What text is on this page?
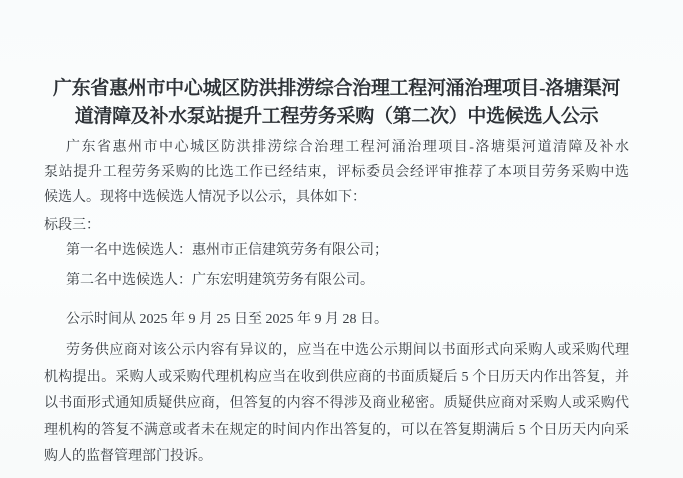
广东省惠州市中心城区防洪排涝综合治理工程河涌治理项目-洛塘渠河
道清障及补水泵站提升工程劳务采购（第二次）中选候选人公示
广东省惠州市中心城区防洪排涝综合治理工程河涌治理项目-洛塘渠河道清障及补水
泵站提升工程劳务采购的比选工作已经结束，评标委员会经评审推荐了本项目劳务采购中选
候选人。现将中选候选人情况予以公示，具体如下：
标段三：
第一名中选候选人：惠州市正信建筑劳务有限公司；
第二名中选候选人：广东宏明建筑劳务有限公司。
公示时间从 2025 年 9 月 25 日至 2025 年 9 月 28 日。
劳务供应商对该公示内容有异议的，应当在中选公示期间以书面形式向采购人或采购代理
机构提出。采购人或采购代理机构应当在收到供应商的书面质疑后 5 个日历天内作出答复，并
以书面形式通知质疑供应商，但答复的内容不得涉及商业秘密。质疑供应商对采购人或采购代
理机构的答复不满意或者未在规定的时间内作出答复的，可以在答复期满后 5 个日历天内向采
购人的监督管理部门投诉。
